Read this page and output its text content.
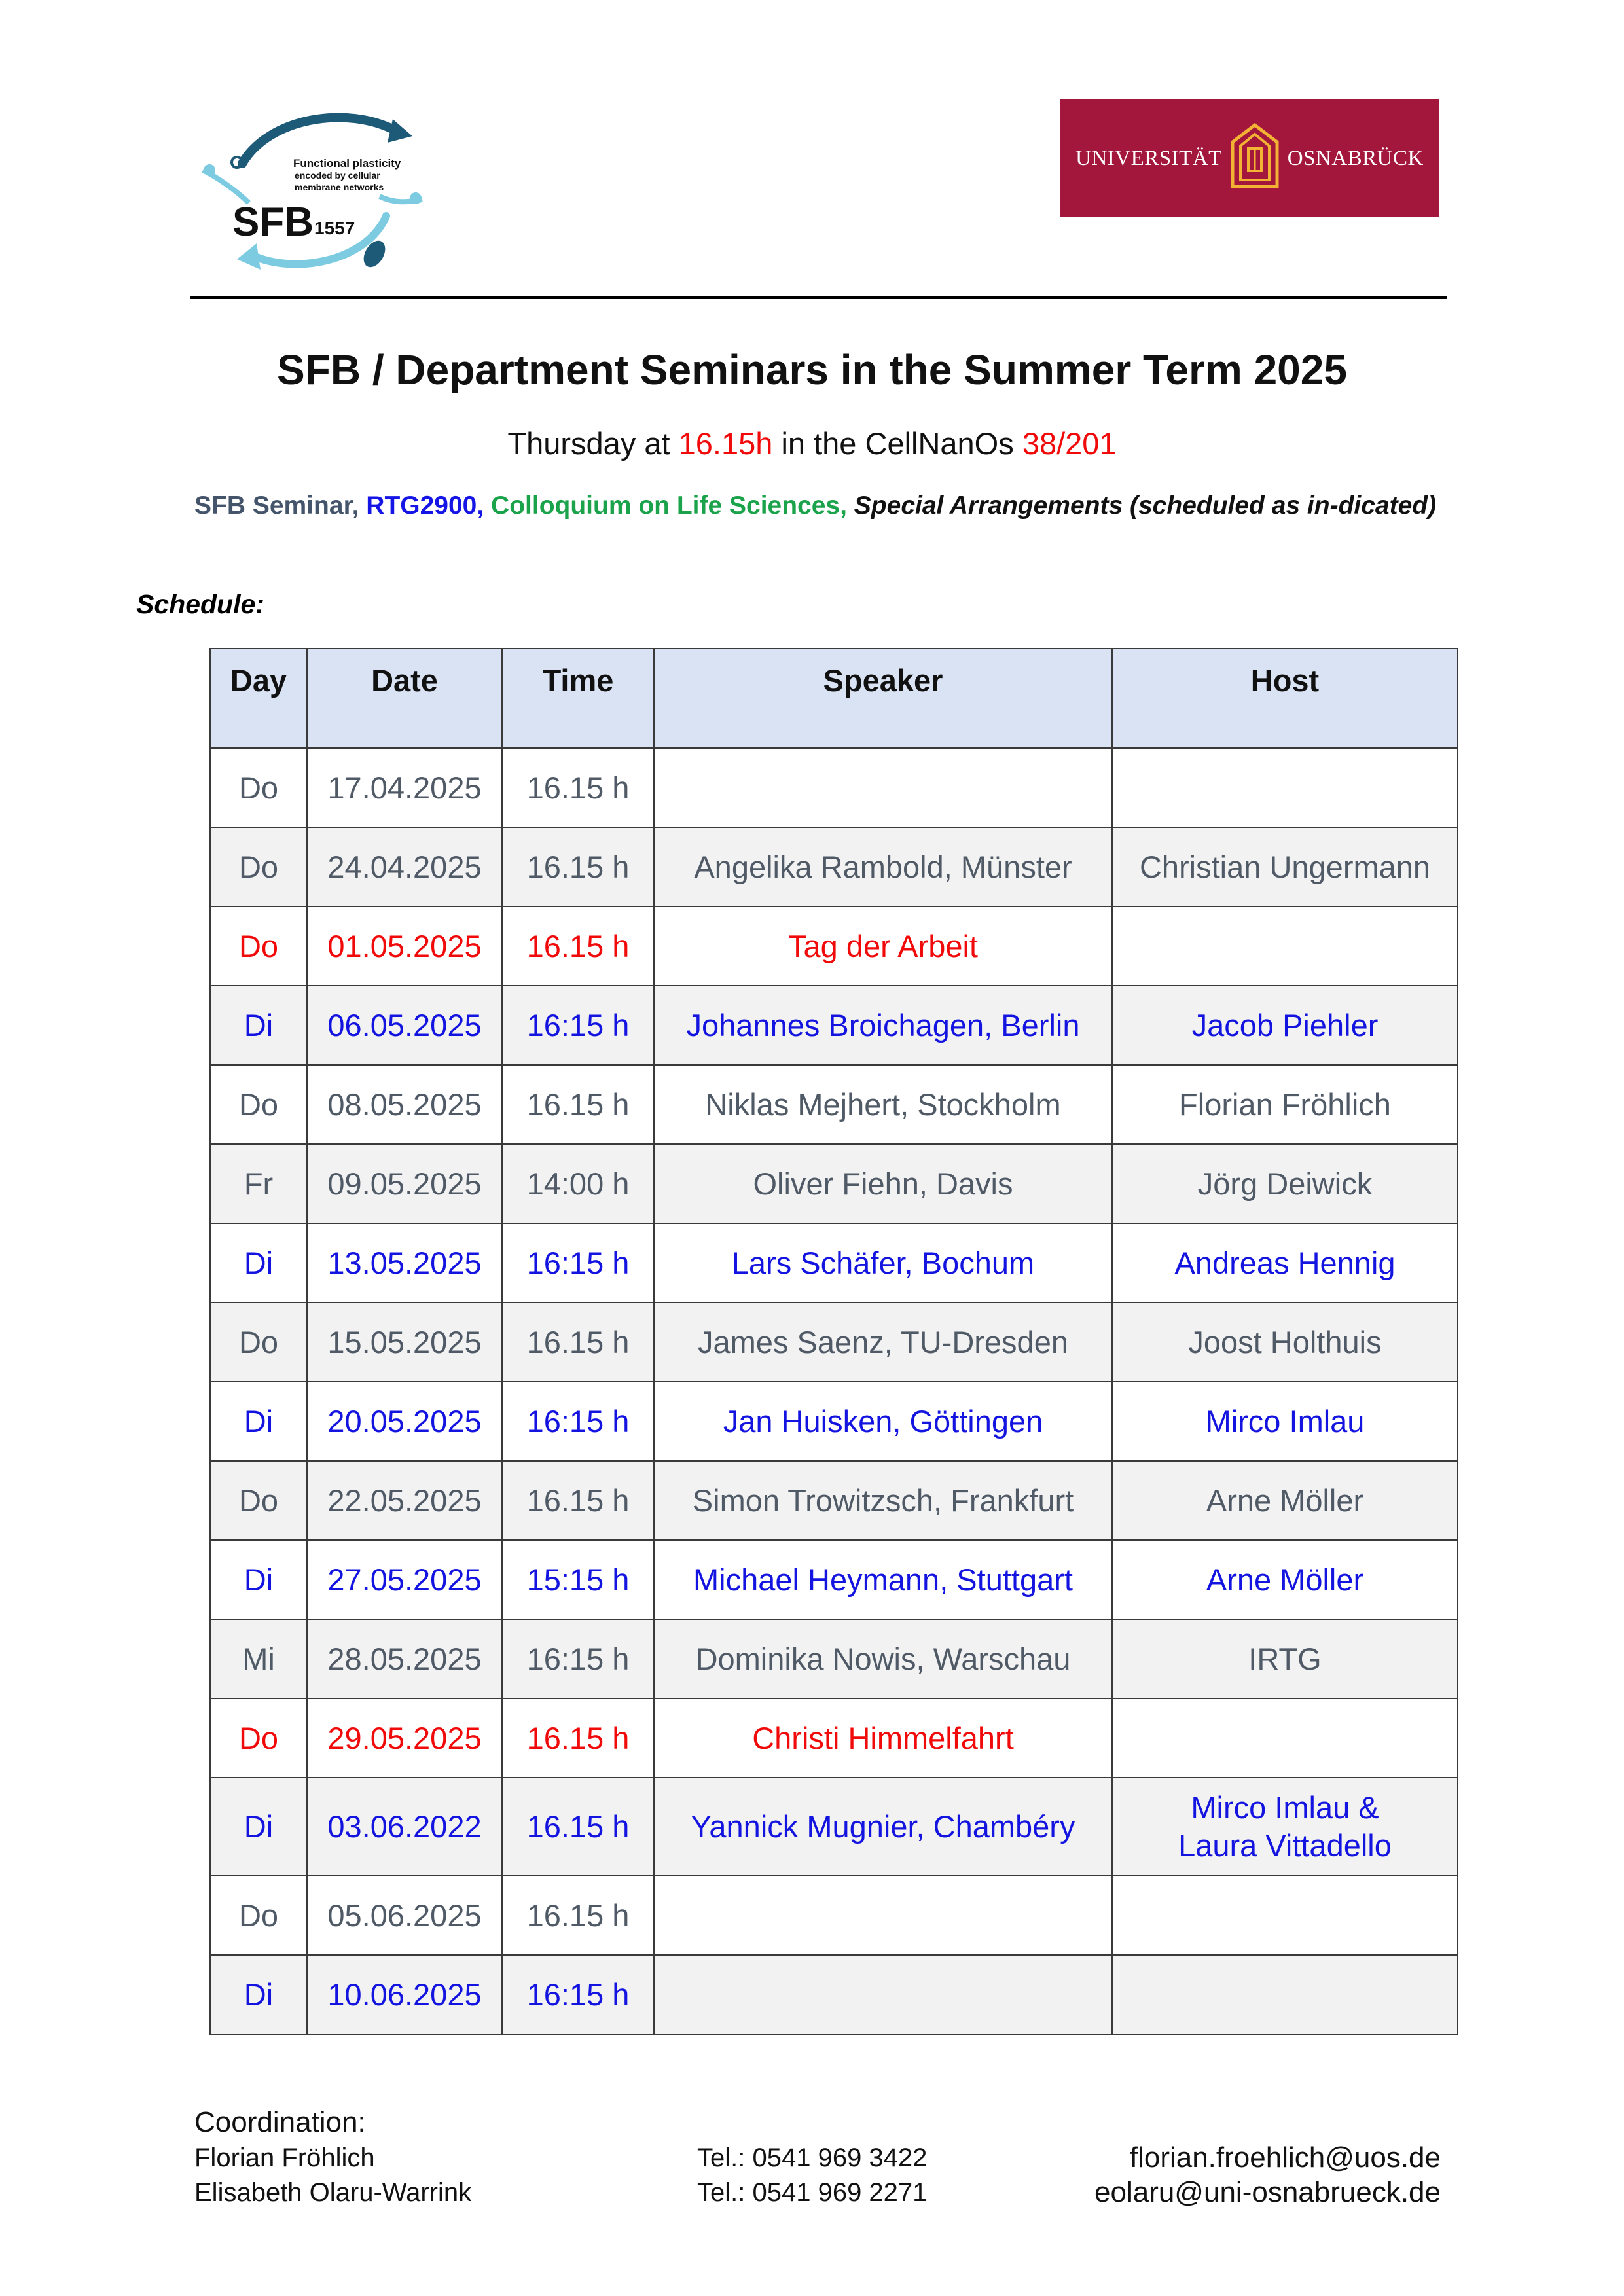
Functional plasticity
encoded by cellular
membrane networks
SFB 1557
UNIVERSITÄT	OSNABRÜCK
SFB / Department Seminars in the Summer Term 2025
Thursday at 16.15h in the CellNanOs 38/201
SFB Seminar, RTG2900, Colloquium on Life Sciences, Special Arrangements (scheduled as in-dicated)
Schedule:
Day	Date	Time	Speaker	Host
Do	17.04.2025	16.15 h		
Do	24.04.2025	16.15 h	Angelika Rambold, Münster	Christian Ungermann
Do	01.05.2025	16.15 h	Tag der Arbeit	
Di	06.05.2025	16:15 h	Johannes Broichagen, Berlin	Jacob Piehler
Do	08.05.2025	16.15 h	Niklas Mejhert, Stockholm	Florian Fröhlich
Fr	09.05.2025	14:00 h	Oliver Fiehn, Davis	Jörg Deiwick
Di	13.05.2025	16:15 h	Lars Schäfer, Bochum	Andreas Hennig
Do	15.05.2025	16.15 h	James Saenz, TU-Dresden	Joost Holthuis
Di	20.05.2025	16:15 h	Jan Huisken, Göttingen	Mirco Imlau
Do	22.05.2025	16.15 h	Simon Trowitzsch, Frankfurt	Arne Möller
Di	27.05.2025	15:15 h	Michael Heymann, Stuttgart	Arne Möller
Mi	28.05.2025	16:15 h	Dominika Nowis, Warschau	IRTG
Do	29.05.2025	16.15 h	Christi Himmelfahrt	
Di	03.06.2022	16.15 h	Yannick Mugnier, Chambéry	Mirco Imlau &
Laura Vittadello
Do	05.06.2025	16.15 h		
Di	10.06.2025	16:15 h		
Coordination:
Florian Fröhlich	Tel.: 0541 969 3422	florian.froehlich@uos.de
Elisabeth Olaru-Warrink	Tel.: 0541 969 2271	eolaru@uni-osnabrueck.de
